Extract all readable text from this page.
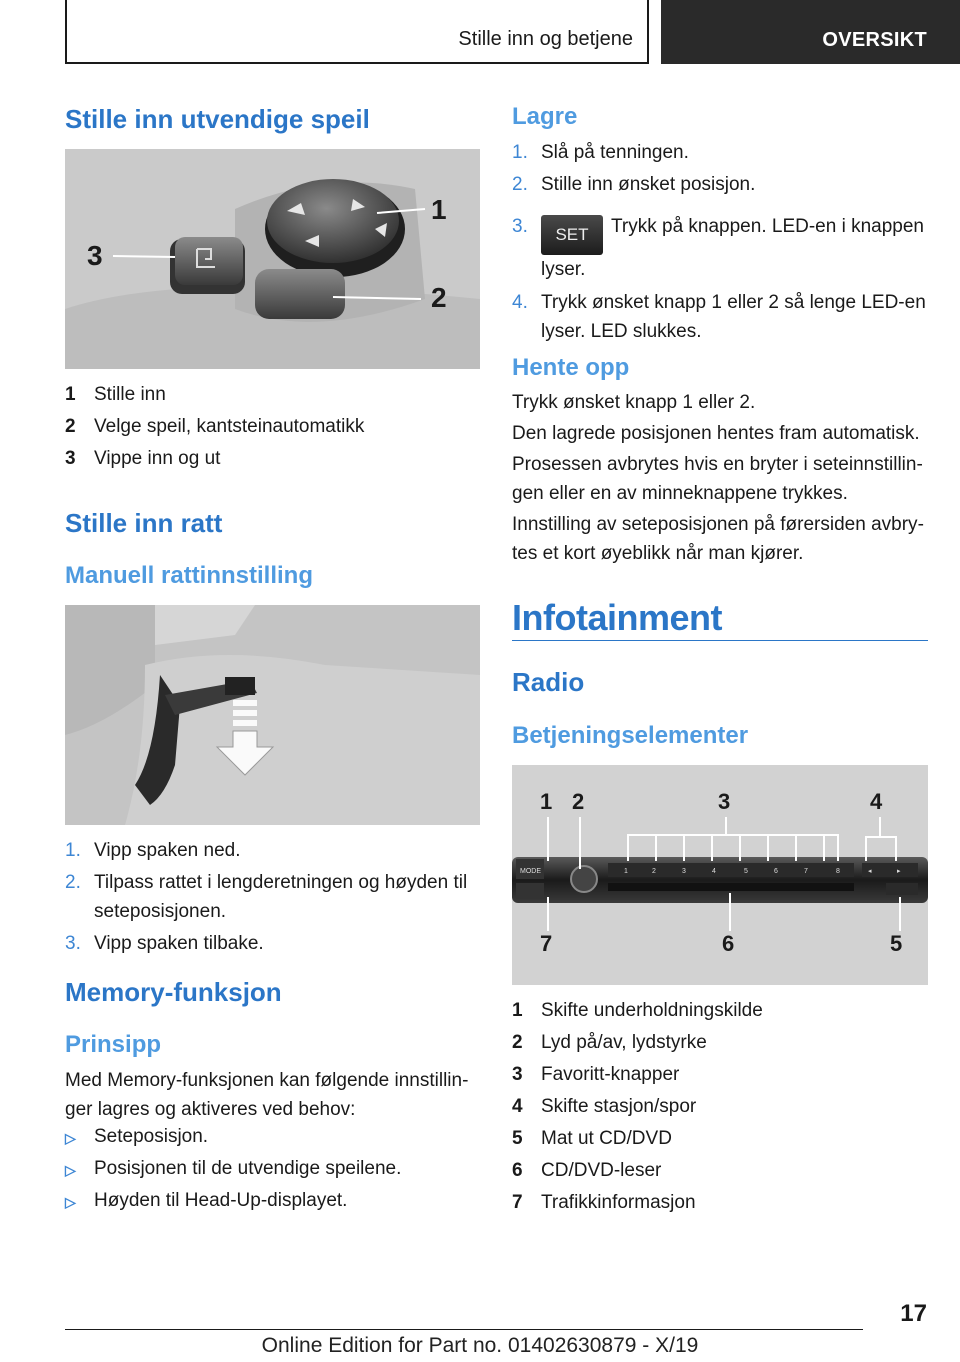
Stille inn og betjene	OVERSIKT
Stille inn utvendige speil
1
2
3
1 Stille inn
2 Velge speil, kantsteinautomatikk
3 Vippe inn og ut
Stille inn ratt
Manuell rattinnstilling
1. Vipp spaken ned.
2. Tilpass rattet i lengderetningen og høyden til seteposisjonen.
3. Vipp spaken tilbake.
Memory-funksjon
Prinsipp
Med Memory-funksjonen kan følgende innstillinger lagres og aktiveres ved behov:
▷ Seteposisjon.
▷ Posisjonen til de utvendige speilene.
▷ Høyden til Head-Up-displayet.
Lagre
1. Slå på tenningen.
2. Stille inn ønsket posisjon.
3. SET Trykk på knappen. LED-en i knappen lyser.
4. Trykk ønsket knapp 1 eller 2 så lenge LED-en lyser. LED slukkes.
Hente opp

Trykk ønsket knapp 1 eller 2.

Den lagrede posisjonen hentes fram automatisk.

Prosessen avbrytes hvis en bryter i seteinnstillingen eller en av minneknappene trykkes.

Innstilling av seteposisjonen på førersiden avbrytes et kort øyeblikk når man kjører.

Infotainment
Radio
Betjeningselementer
MODE	1	2	3	4	5	6	7	8	◂	▸
1 2	3	4
7	6	5
1 Skifte underholdningskilde
2 Lyd på/av, lydstyrke
3 Favoritt-knapper
4 Skifte stasjon/spor
5 Mat ut CD/DVD
6 CD/DVD-leser
7 Trafikkinformasjon
17
Online Edition for Part no. 01402630879 - X/19
